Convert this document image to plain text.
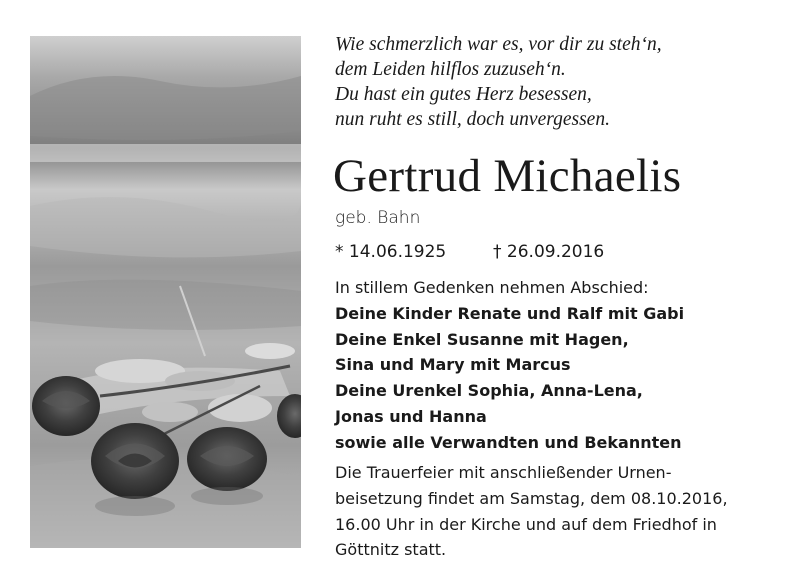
Wie schmerzlich war es, vor dir zu steh‘n,
dem Leiden hilflos zuzuseh‘n.
Du hast ein gutes Herz besessen,
nun ruht es still, doch unvergessen.
Gertrud Michaelis
geb. Bahn
* 14.06.1925	† 26.09.2016
In stillem Gedenken nehmen Abschied:
Deine Kinder Renate und Ralf mit Gabi
Deine Enkel Susanne mit Hagen,
Sina und Mary mit Marcus
Deine Urenkel Sophia, Anna-Lena,
Jonas und Hanna
sowie alle Verwandten und Bekannten
Die Trauerfeier mit anschließender Urnen-
beisetzung findet am Samstag, dem 08.10.2016,
16.00 Uhr in der Kirche und auf dem Friedhof in
Göttnitz statt.
